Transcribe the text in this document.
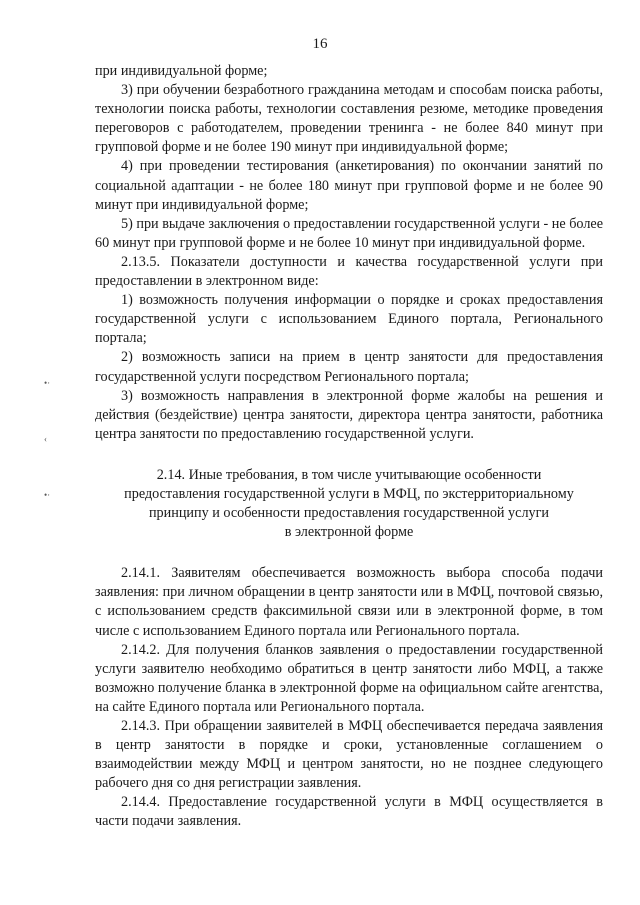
16
•·
‹
•·

при индивидуальной форме;

3) при обучении безработного гражданина методам и способам поиска работы, технологии поиска работы, технологии составления резюме, методике проведения переговоров с работодателем, проведении тренинга - не более 840 минут при групповой форме и не более 190 минут при индивидуальной форме;

4) при проведении тестирования (анкетирования) по окончании занятий по социальной адаптации - не более 180 минут при групповой форме и не более 90 минут при индивидуальной форме;

5) при выдаче заключения о предоставлении государственной услуги - не более 60 минут при групповой форме и не более 10 минут при индивидуальной форме.

2.13.5. Показатели доступности и качества государственной услуги при предоставлении в электронном виде:

1) возможность получения информации о порядке и сроках предоставления государственной услуги с использованием Единого портала, Регионального портала;

2) возможность записи на прием в центр занятости для предоставления государственной услуги посредством Регионального портала;

3) возможность направления в электронной форме жалобы на решения и действия (бездействие) центра занятости, директора центра занятости, работника центра занятости по предоставлению государственной услуги.

2.14. Иные требования, в том числе учитывающие особенности
предоставления государственной услуги в МФЦ, по экстерриториальному
принципу и особенности предоставления государственной услуги
в электронной форме

2.14.1. Заявителям обеспечивается возможность выбора способа подачи заявления: при личном обращении в центр занятости или в МФЦ, почтовой связью, с использованием средств факсимильной связи или в электронной форме, в том числе с использованием Единого портала или Регионального портала.

2.14.2. Для получения бланков заявления о предоставлении государственной услуги заявителю необходимо обратиться в центр занятости либо МФЦ, а также возможно получение бланка в электронной форме на официальном сайте агентства, на сайте Единого портала или Регионального портала.

2.14.3. При обращении заявителей в МФЦ обеспечивается передача заявления в центр занятости в порядке и сроки, установленные соглашением о взаимодействии между МФЦ и центром занятости, но не позднее следующего рабочего дня со дня регистрации заявления.

2.14.4. Предоставление государственной услуги в МФЦ осуществляется в части подачи заявления.
